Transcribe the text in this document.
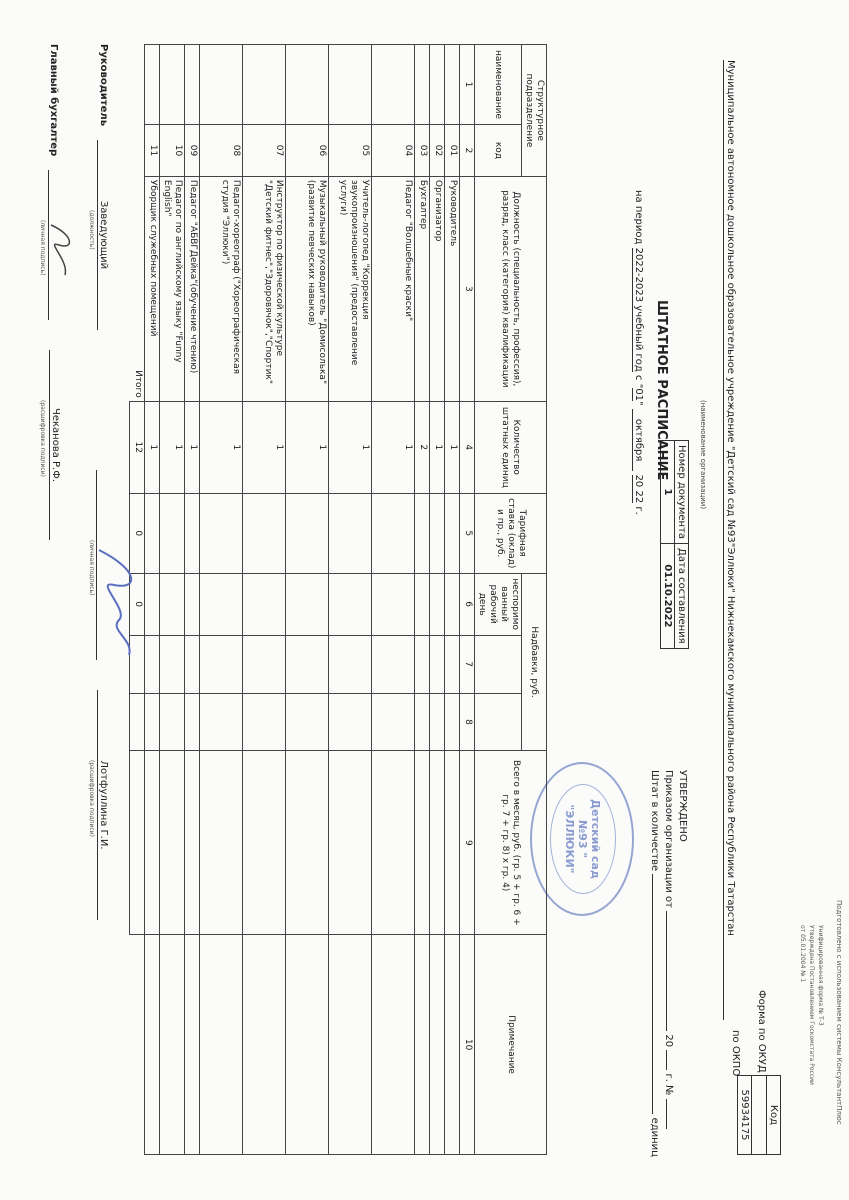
Подготовлено с использованием системы КонсультантПлюс
Унифицированная форма № Т-3
Утверждена Постановлением Госкомстата России
от 05.01.2004 № 1
Форма по ОКУД
Код

59934175
по ОКПО
Муниципальное автономное дошкольное образовательное учреждение "Детский сад №93"Эллюки" Нижнекамского муниципального района Республики Татарстан
(наименование организации)
Номер документа	Дата составления
1	01.10.2022
ШТАТНОЕ РАСПИСАНИЕ
на период 2022-2023 учебный год с "01" октября 20 22 г.
УТВЕРЖДЕНО
Приказом организации от  20  г. №
Штат в количестве  единиц
Детский сад
№93 "
"ЭЛЛЮКИ"
Структурное подразделение		Должность (специальность, профессия), разряд, класс (категория) квалификации	Количество штатных единиц	Тарифная ставка (оклад) и пр., руб.	Надбавки, руб.			Всего в месяц, руб. (гр. 5 + гр. 6 + гр. 7 + гр. 8) х гр. 4)	Примечание
наименование	код				неспоримо ванный рабочий день				
1	2	3	4	5	6	7	8	9	10
	01	Руководитель	1						
	02	Организатор	1						
	03	Бухгалтер	2						
	04	Педагог "Волшебные краски"	1						
	05	Учитель-логопед "Коррекция звукопроизношения" (предоставление услуги)	1						
	06	Музыкальный руководитель "Домисолька" (развитие певческих навыков)	1						
	07	Инструктор по физической культуре "Детский фитнес","Здоровячок","Спортик"	1						
	08	Педагог-хореограф ("Хореографическая студия "Эллюки")	1						
	09	Педагог "АБВГДейка"(обучение чтению)	1						
	10	Педагог по английскому языку "Funny English"	1						
	11	Уборщик служебных помещений	1						
		Итого	12	0	0				
Руководитель
Заведующий
(должность)
(личная подпись)
Лотфуллина Г.И.
(расшифровка подписи)
Главный бухгалтер
(личная подпись)
Чеканова Р.Ф.
(расшифровка подписи)
